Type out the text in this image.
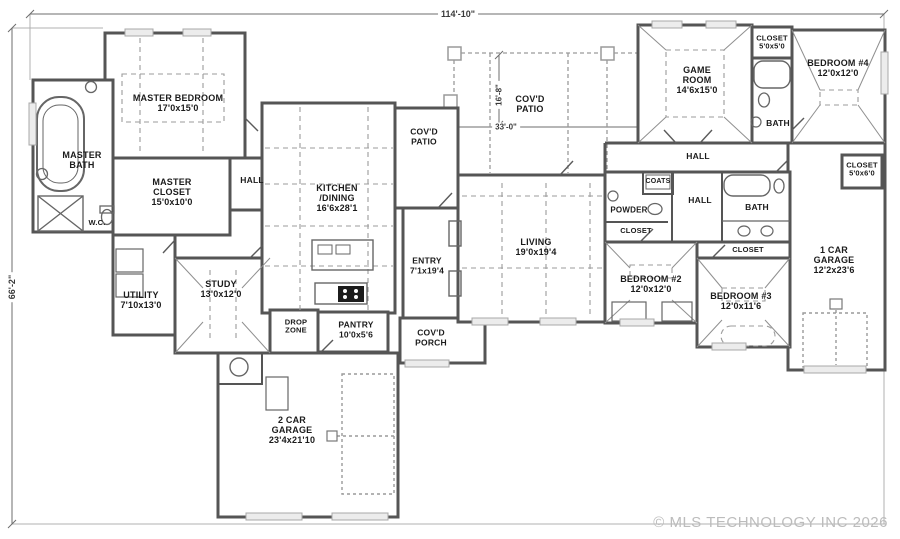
114'-10"
66'-2"
33'-0"
16'-8"
MASTER BEDROOM
17'0x15'0
MASTER BATH
MASTER CLOSET
15'0x10'0
W.C.
HALL
UTILITY
7'10x13'0
STUDY
13'0x12'0
KITCHEN /DINING
16'6x28'1
DROP ZONE
PANTRY
10'0x5'6
COV'D PATIO
COV'D PATIO
COV'D PORCH
ENTRY
7'1x19'4
LIVING
19'0x19'4
2 CAR GARAGE
23'4x21'10
GAME ROOM
14'6x15'0
CLOSET
5'0x5'0
BATH
BEDROOM #4
12'0x12'0
CLOSET
5'0x6'0
HALL
COATS
POWDER
CLOSET
HALL
BATH
CLOSET
BEDROOM #2
12'0x12'0
BEDROOM #3
12'0x11'6
1 CAR GARAGE
12'2x23'6
© MLS TECHNOLOGY INC 2026
